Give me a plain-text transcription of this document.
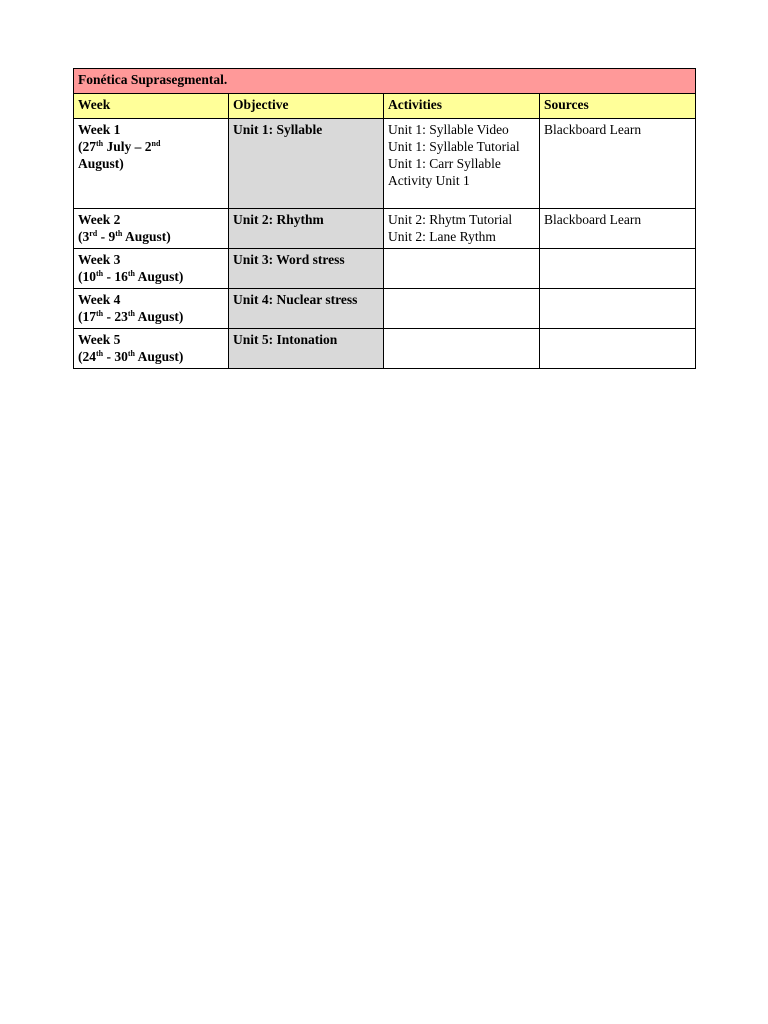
Fonética Suprasegmental.			
Week	Objective	Activities	Sources

Week 1
(27th July – 2nd
August)	Unit 1: Syllable	Unit 1: Syllable Video
Unit 1: Syllable Tutorial
Unit 1: Carr Syllable Activity Unit 1	Blackboard Learn

Week 2
(3rd - 9th August)	Unit 2: Rhythm	Unit 2: Rhytm Tutorial
Unit 2: Lane Rythm	Blackboard Learn

Week 3
(10th - 16th August)	Unit 3: Word stress		

Week 4
(17th - 23th August)	Unit 4: Nuclear stress		

Week 5
(24th - 30th August)	Unit 5: Intonation		
